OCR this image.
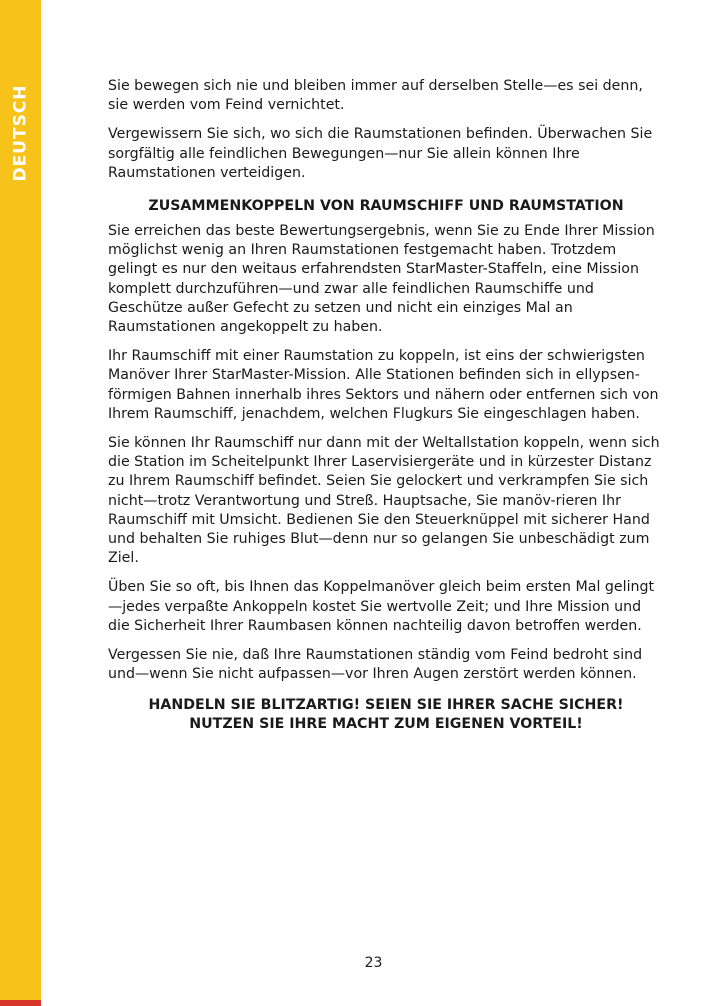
DEUTSCH	Sie bewegen sich nie und bleiben immer auf derselben Stelle—es sei denn, sie werden vom Feind vernichtet.

Vergewissern Sie sich, wo sich die Raumstationen befinden. Überwachen Sie sorgfältig alle feindlichen Bewegungen—nur Sie allein können Ihre Raumstationen verteidigen.

ZUSAMMENKOPPELN VON RAUMSCHIFF UND RAUMSTATION

Sie erreichen das beste Bewertungsergebnis, wenn Sie zu Ende Ihrer Mission möglichst wenig an Ihren Raumstationen festgemacht haben. Trotzdem gelingt es nur den weitaus erfahrendsten StarMaster-Staffeln, eine Mission komplett durchzuführen—und zwar alle feindlichen Raumschiffe und Geschütze außer Gefecht zu setzen und nicht ein einziges Mal an Raumstationen angekoppelt zu haben.

Ihr Raumschiff mit einer Raumstation zu koppeln, ist eins der schwierigsten Manöver Ihrer StarMaster-Mission. Alle Stationen befinden sich in ellypsen-förmigen Bahnen innerhalb ihres Sektors und nähern oder entfernen sich von Ihrem Raumschiff, jenachdem, welchen Flugkurs Sie eingeschlagen haben.

Sie können Ihr Raumschiff nur dann mit der Weltallstation koppeln, wenn sich die Station im Scheitelpunkt Ihrer Laservisiergeräte und in kürzester Distanz zu Ihrem Raumschiff befindet. Seien Sie gelockert und verkrampfen Sie sich nicht—trotz Verantwortung und Streß. Hauptsache, Sie manöv-rieren Ihr Raumschiff mit Umsicht. Bedienen Sie den Steuerknüppel mit sicherer Hand und behalten Sie ruhiges Blut—denn nur so gelangen Sie unbeschädigt zum Ziel.

Üben Sie so oft, bis Ihnen das Koppelmanöver gleich beim ersten Mal gelingt—jedes verpaßte Ankoppeln kostet Sie wertvolle Zeit; und Ihre Mission und die Sicherheit Ihrer Raumbasen können nachteilig davon betroffen werden.

Vergessen Sie nie, daß Ihre Raumstationen ständig vom Feind bedroht sind und—wenn Sie nicht aufpassen—vor Ihren Augen zerstört werden können.

HANDELN SIE BLITZARTIG! SEIEN SIE IHRER SACHE SICHER!
NUTZEN SIE IHRE MACHT ZUM EIGENEN VORTEIL!
23
